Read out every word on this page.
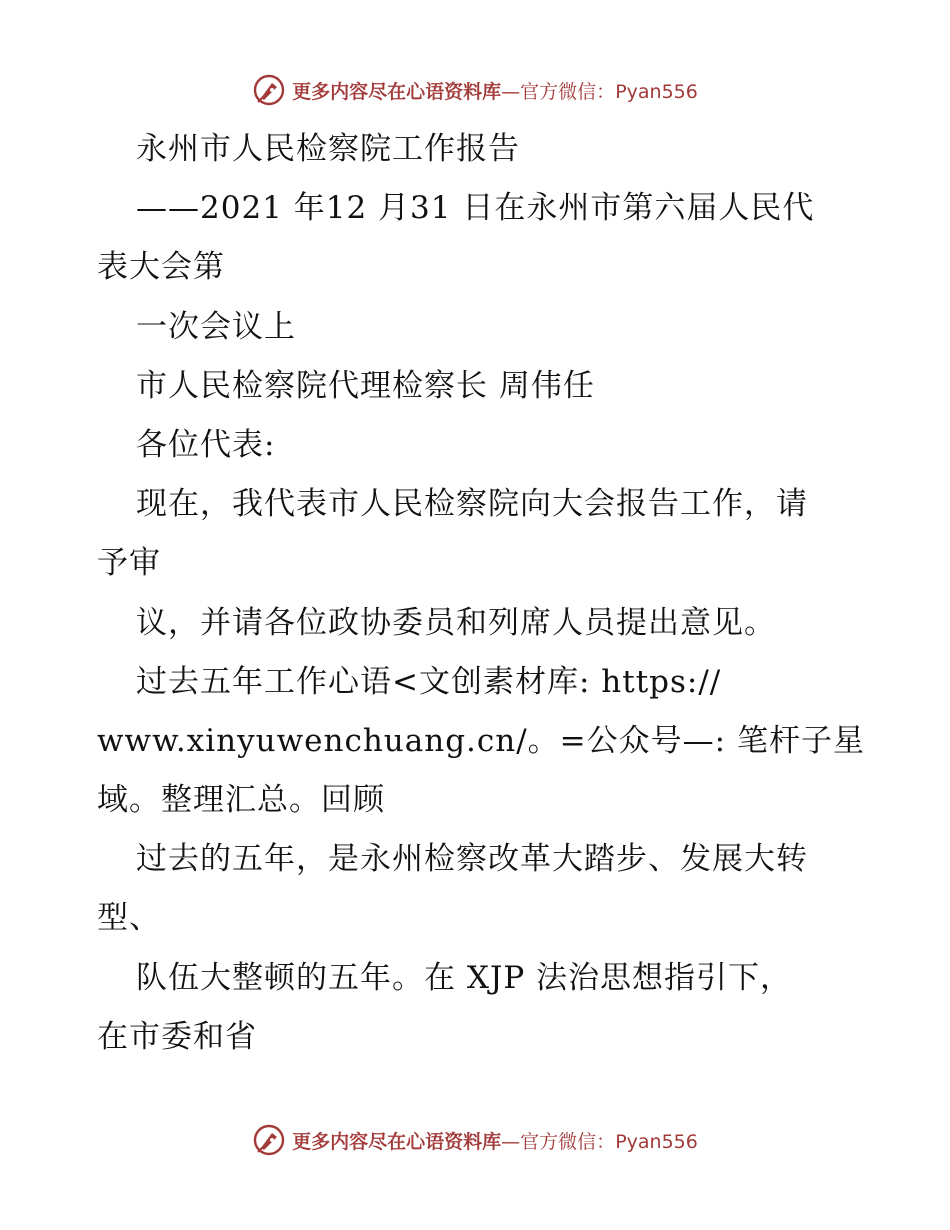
更多内容尽在心语资料库—官方微信：Pyan556
永州市人民检察院工作报告
——2021 年12 月31 日在永州市第六届人民代
表大会第
一次会议上
市人民检察院代理检察长 周伟任
各位代表:
现在，我代表市人民检察院向大会报告工作，请
予审
议，并请各位政协委员和列席人员提出意见。
过去五年工作心语<文创素材库: https://
www.xinyuwenchuang.cn/。=公众号—: 笔杆子星
域。整理汇总。回顾
过去的五年，是永州检察改革大踏步、发展大转
型、
队伍大整顿的五年。在 XJP 法治思想指引下，
在市委和省
更多内容尽在心语资料库—官方微信：Pyan556
